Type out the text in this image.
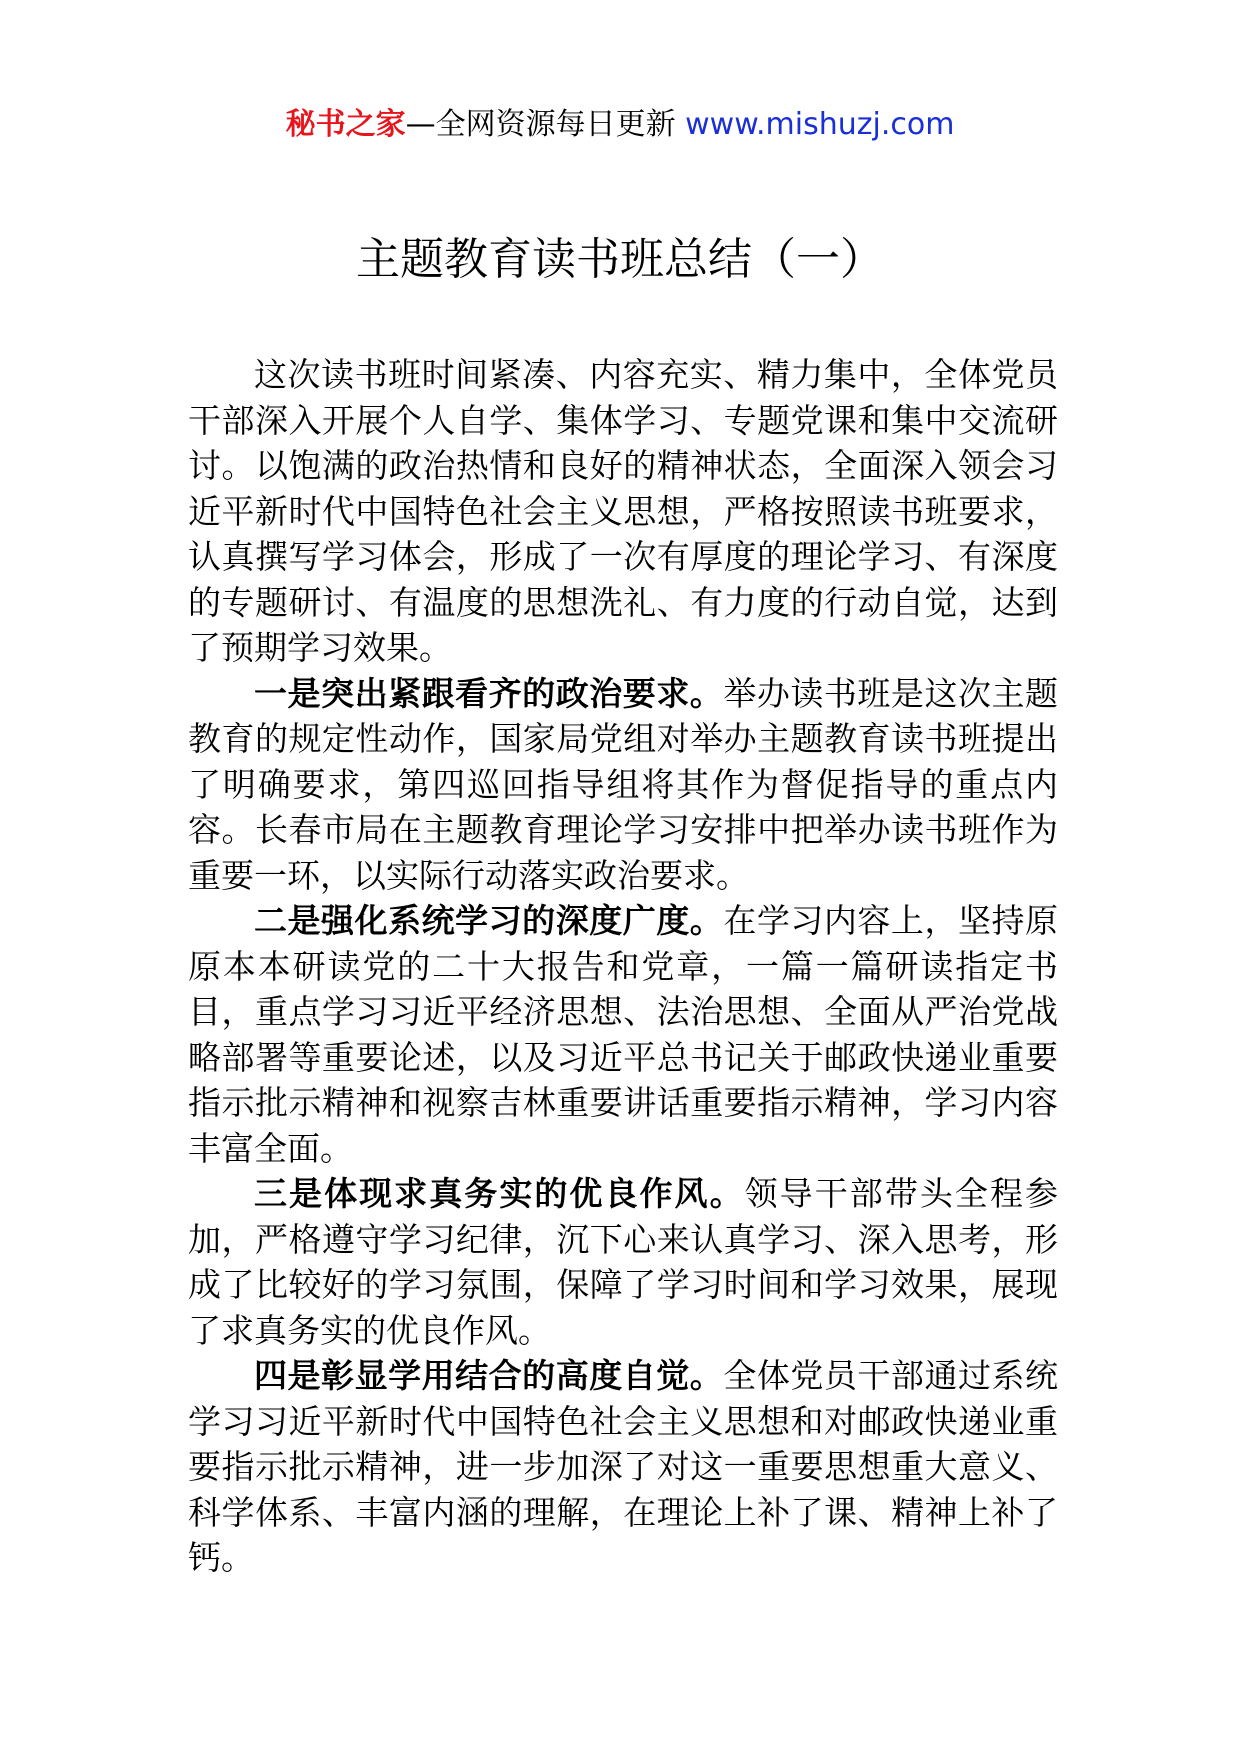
秘书之家—全网资源每日更新 www.mishuzj.com
主题教育读书班总结（一）

这次读书班时间紧凑、内容充实、精力集中，全体党员干部深入开展个人自学、集体学习、专题党课和集中交流研讨。以饱满的政治热情和良好的精神状态，全面深入领会习近平新时代中国特色社会主义思想，严格按照读书班要求，认真撰写学习体会，形成了一次有厚度的理论学习、有深度的专题研讨、有温度的思想洗礼、有力度的行动自觉，达到了预期学习效果。

一是突出紧跟看齐的政治要求。举办读书班是这次主题教育的规定性动作，国家局党组对举办主题教育读书班提出了明确要求，第四巡回指导组将其作为督促指导的重点内容。长春市局在主题教育理论学习安排中把举办读书班作为重要一环，以实际行动落实政治要求。

二是强化系统学习的深度广度。在学习内容上，坚持原原本本研读党的二十大报告和党章，一篇一篇研读指定书目，重点学习习近平经济思想、法治思想、全面从严治党战略部署等重要论述，以及习近平总书记关于邮政快递业重要指示批示精神和视察吉林重要讲话重要指示精神，学习内容丰富全面。

三是体现求真务实的优良作风。领导干部带头全程参加，严格遵守学习纪律，沉下心来认真学习、深入思考，形成了比较好的学习氛围，保障了学习时间和学习效果，展现了求真务实的优良作风。

四是彰显学用结合的高度自觉。全体党员干部通过系统学习习近平新时代中国特色社会主义思想和对邮政快递业重要指示批示精神，进一步加深了对这一重要思想重大意义、科学体系、丰富内涵的理解，在理论上补了课、精神上补了钙。
